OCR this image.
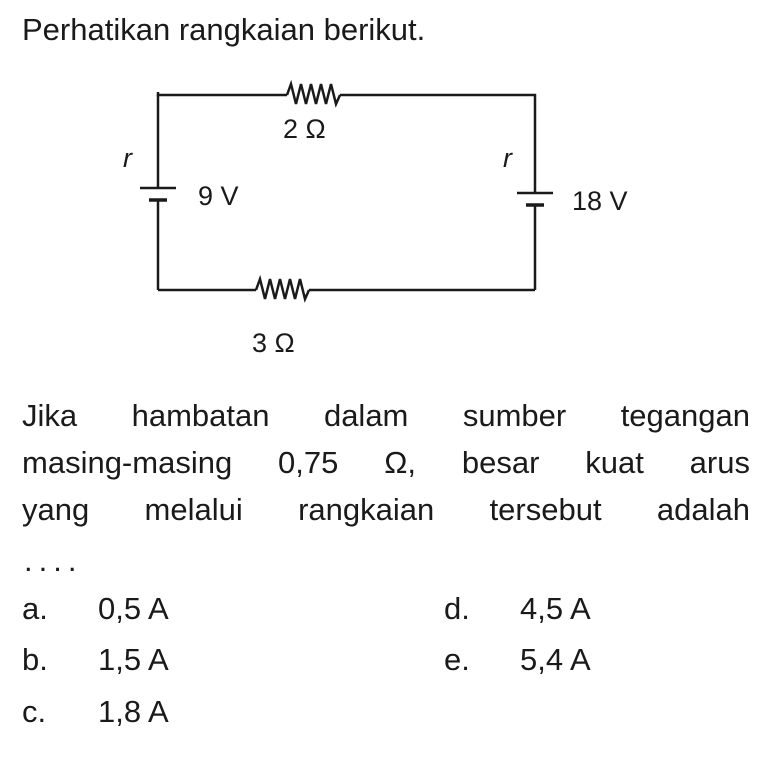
Perhatikan rangkaian berikut.
2 Ω
3 Ω
9 V	18 V
r	r

Jika hambatan dalam sumber tegangan
masing-masing 0,75 Ω, besar kuat arus
yang melalui rangkaian tersebut adalah

....
a. 0,5 A
b. 1,5 A
c. 1,8 A
d. 4,5 A
e. 5,4 A
